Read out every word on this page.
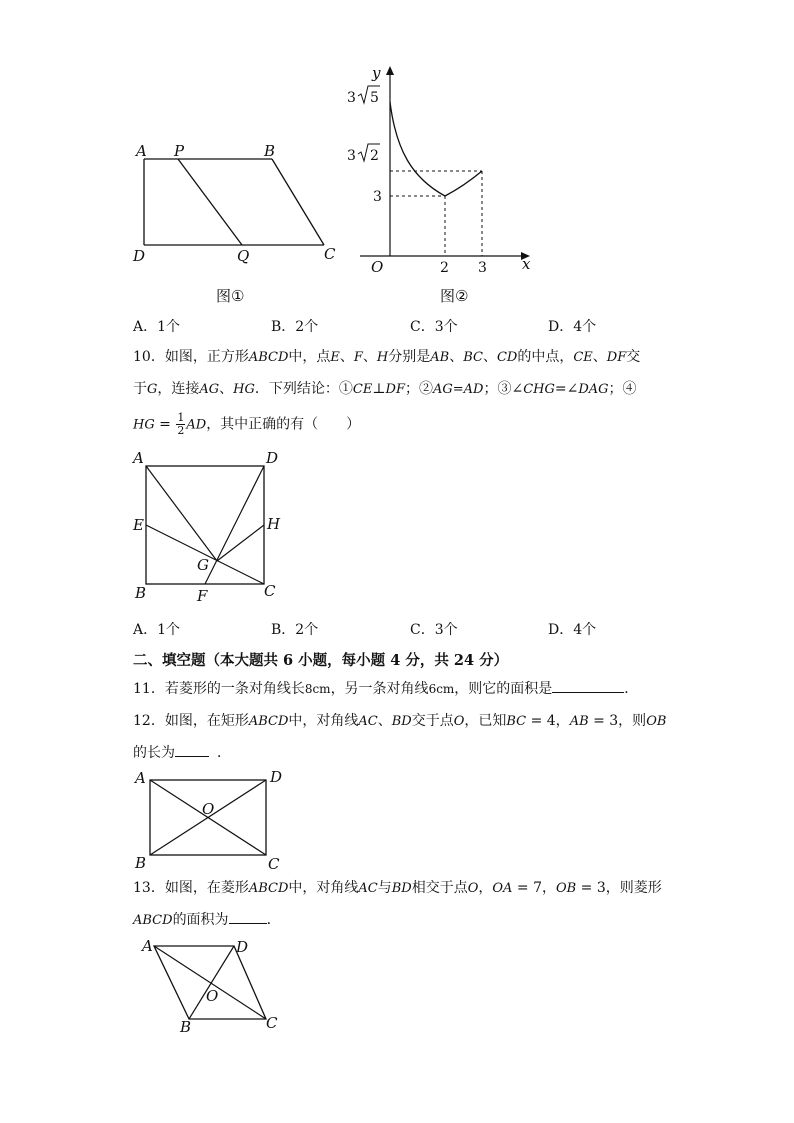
A P	B
D	Q	C
图①
y
x
O
3 5
3 2
3
2 3
图②
A．1个	B．2个	C．3个	D．4个
10．如图，正方形ABCD中，点E、F、H分别是AB、BC、CD的中点，CE、DF交
于G，连接AG、HG．下列结论：①CE⊥DF；②AG=AD；③∠CHG=∠DAG；④
HG = $\frac{1}{2}$ AD，其中正确的有（　　）
A	D
E	H
G
B	F	C
A．1个	B．2个	C．3个	D．4个
二、填空题（本大题共 6 小题，每小题 4 分，共 24 分）
11．若菱形的一条对角线长8cm，另一条对角线6cm，则它的面积是	．
12．如图，在矩形ABCD中，对角线AC、BD交于点O，已知BC = 4，AB = 3，则OB
的长为	．
A	D
O
B	C
13．如图，在菱形ABCD中，对角线AC与BD相交于点O，OA = 7，OB = 3，则菱形
ABCD的面积为	．
A	D
O
B	C
